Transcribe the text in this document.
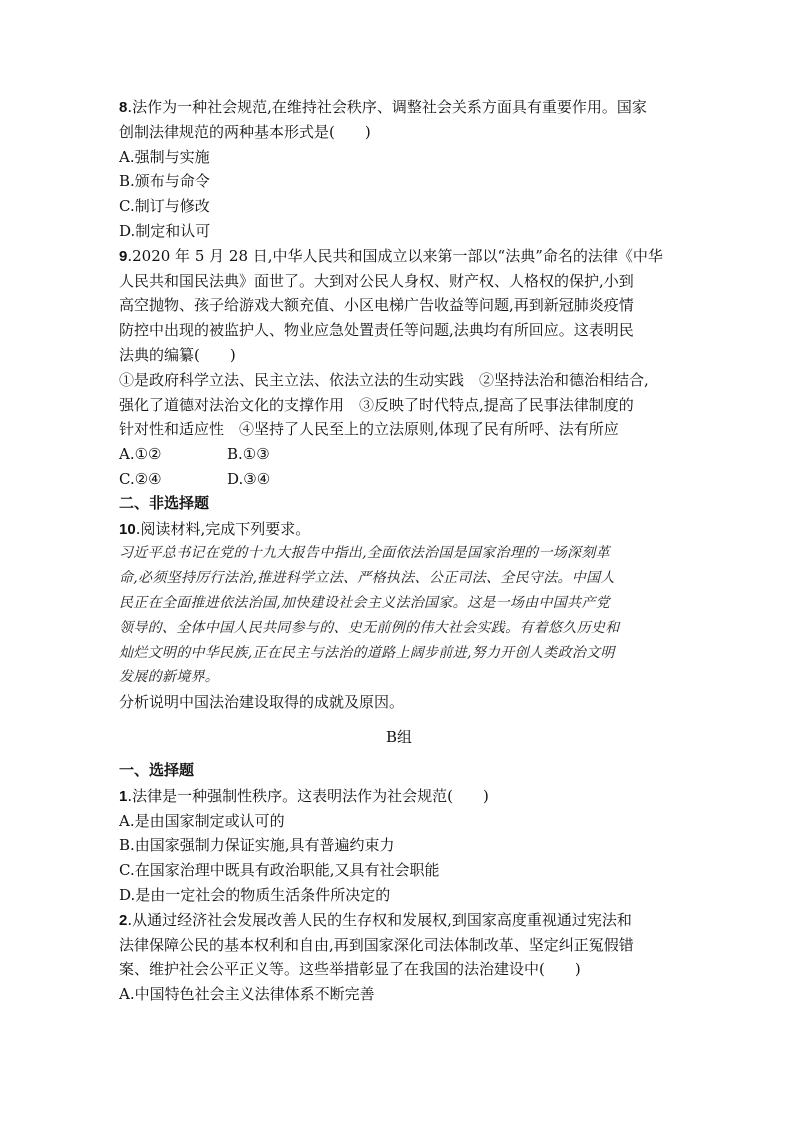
8.法作为一种社会规范,在维持社会秩序、调整社会关系方面具有重要作用。国家
创制法律规范的两种基本形式是(　　)
A.强制与实施
B.颁布与命令
C.制订与修改
D.制定和认可
9.2020 年 5 月 28 日,中华人民共和国成立以来第一部以“法典”命名的法律《中华
人民共和国民法典》面世了。大到对公民人身权、财产权、人格权的保护,小到
高空抛物、孩子给游戏大额充值、小区电梯广告收益等问题,再到新冠肺炎疫情
防控中出现的被监护人、物业应急处置责任等问题,法典均有所回应。这表明民
法典的编纂(　　)
①是政府科学立法、民主立法、依法立法的生动实践　②坚持法治和德治相结合,
强化了道德对法治文化的支撑作用　③反映了时代特点,提高了民事法律制度的
针对性和适应性　④坚持了人民至上的立法原则,体现了民有所呼、法有所应
A.①②	B.①③
C.②④	D.③④
二、非选择题
10.阅读材料,完成下列要求。
习近平总书记在党的十九大报告中指出,全面依法治国是国家治理的一场深刻革
命,必须坚持厉行法治,推进科学立法、严格执法、公正司法、全民守法。中国人
民正在全面推进依法治国,加快建设社会主义法治国家。这是一场由中国共产党
领导的、全体中国人民共同参与的、史无前例的伟大社会实践。有着悠久历史和
灿烂文明的中华民族,正在民主与法治的道路上阔步前进,努力开创人类政治文明
发展的新境界。
分析说明中国法治建设取得的成就及原因。
B组
一、选择题
1.法律是一种强制性秩序。这表明法作为社会规范(　　)
A.是由国家制定或认可的
B.由国家强制力保证实施,具有普遍约束力
C.在国家治理中既具有政治职能,又具有社会职能
D.是由一定社会的物质生活条件所决定的
2.从通过经济社会发展改善人民的生存权和发展权,到国家高度重视通过宪法和
法律保障公民的基本权利和自由,再到国家深化司法体制改革、坚定纠正冤假错
案、维护社会公平正义等。这些举措彰显了在我国的法治建设中(　　)
A.中国特色社会主义法律体系不断完善
